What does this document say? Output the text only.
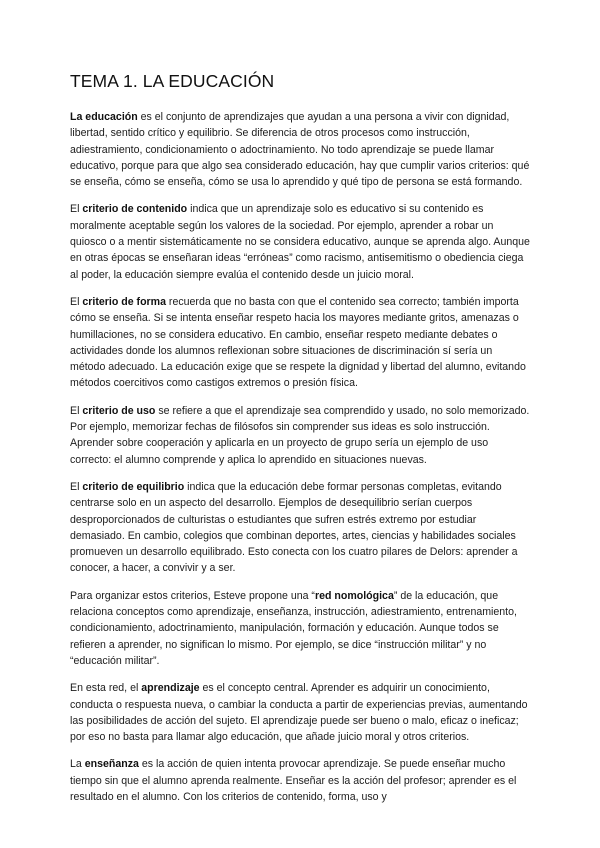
TEMA 1. LA EDUCACIÓN

La educación es el conjunto de aprendizajes que ayudan a una persona a vivir con dignidad, libertad, sentido crítico y equilibrio. Se diferencia de otros procesos como instrucción, adiestramiento, condicionamiento o adoctrinamiento. No todo aprendizaje se puede llamar educativo, porque para que algo sea considerado educación, hay que cumplir varios criterios: qué se enseña, cómo se enseña, cómo se usa lo aprendido y qué tipo de persona se está formando.

El criterio de contenido indica que un aprendizaje solo es educativo si su contenido es moralmente aceptable según los valores de la sociedad. Por ejemplo, aprender a robar un quiosco o a mentir sistemáticamente no se considera educativo, aunque se aprenda algo. Aunque en otras épocas se enseñaran ideas “erróneas” como racismo, antisemitismo o obediencia ciega al poder, la educación siempre evalúa el contenido desde un juicio moral.

El criterio de forma recuerda que no basta con que el contenido sea correcto; también importa cómo se enseña. Si se intenta enseñar respeto hacia los mayores mediante gritos, amenazas o humillaciones, no se considera educativo. En cambio, enseñar respeto mediante debates o actividades donde los alumnos reflexionan sobre situaciones de discriminación sí sería un método adecuado. La educación exige que se respete la dignidad y libertad del alumno, evitando métodos coercitivos como castigos extremos o presión física.

El criterio de uso se refiere a que el aprendizaje sea comprendido y usado, no solo memorizado. Por ejemplo, memorizar fechas de filósofos sin comprender sus ideas es solo instrucción. Aprender sobre cooperación y aplicarla en un proyecto de grupo sería un ejemplo de uso correcto: el alumno comprende y aplica lo aprendido en situaciones nuevas.

El criterio de equilibrio indica que la educación debe formar personas completas, evitando centrarse solo en un aspecto del desarrollo. Ejemplos de desequilibrio serían cuerpos desproporcionados de culturistas o estudiantes que sufren estrés extremo por estudiar demasiado. En cambio, colegios que combinan deportes, artes, ciencias y habilidades sociales promueven un desarrollo equilibrado. Esto conecta con los cuatro pilares de Delors: aprender a conocer, a hacer, a convivir y a ser.

Para organizar estos criterios, Esteve propone una “red nomológica” de la educación, que relaciona conceptos como aprendizaje, enseñanza, instrucción, adiestramiento, entrenamiento, condicionamiento, adoctrinamiento, manipulación, formación y educación. Aunque todos se refieren a aprender, no significan lo mismo. Por ejemplo, se dice “instrucción militar” y no “educación militar”.

En esta red, el aprendizaje es el concepto central. Aprender es adquirir un conocimiento, conducta o respuesta nueva, o cambiar la conducta a partir de experiencias previas, aumentando las posibilidades de acción del sujeto. El aprendizaje puede ser bueno o malo, eficaz o ineficaz; por eso no basta para llamar algo educación, que añade juicio moral y otros criterios.

La enseñanza es la acción de quien intenta provocar aprendizaje. Se puede enseñar mucho tiempo sin que el alumno aprenda realmente. Enseñar es la acción del profesor; aprender es el resultado en el alumno. Con los criterios de contenido, forma, uso y
